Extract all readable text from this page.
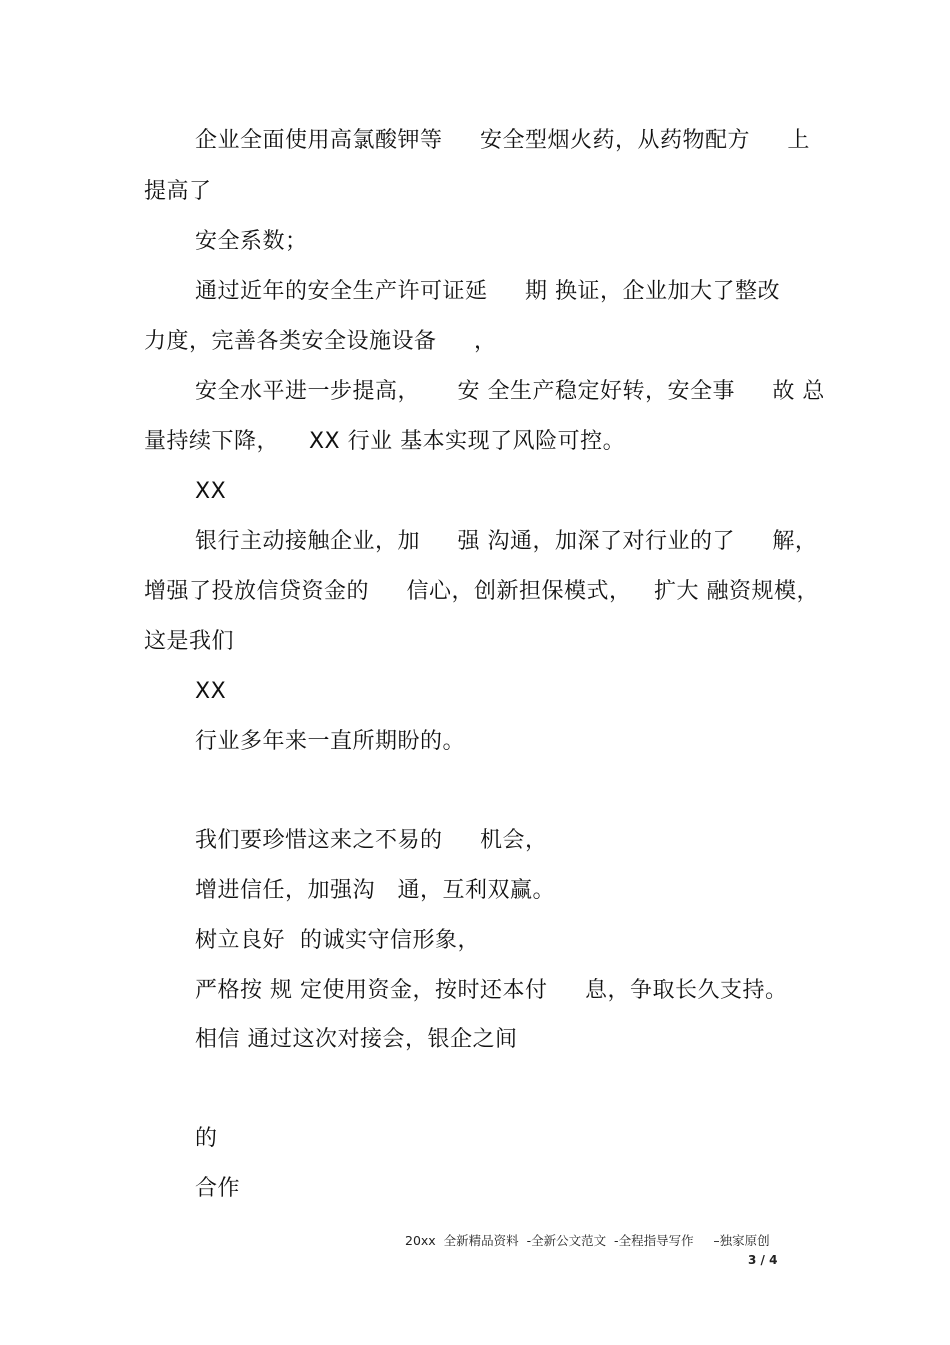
企业全面使用高氯酸钾等     安全型烟火药，从药物配方     上
提高了
安全系数；
通过近年的安全生产许可证延     期 换证，企业加大了整改
力度，完善各类安全设施设备     ，
安全水平进一步提高，     安 全生产稳定好转，安全事     故 总
量持续下降，    XX 行业 基本实现了风险可控。
XX
银行主动接触企业，加     强 沟通，加深了对行业的了     解，
增强了投放信贷资金的     信心，创新担保模式，   扩大 融资规模，
这是我们
XX
行业多年来一直所期盼的。
我们要珍惜这来之不易的     机会，
增进信任，加强沟   通，互利双赢。
树立良好  的诚实守信形象，
严格按 规 定使用资金，按时还本付     息，争取长久支持。
相信 通过这次对接会，银企之间
的
合作
20xx  全新精品资料  -全新公文范文  -全程指导写作     –独家原创
3 / 4
